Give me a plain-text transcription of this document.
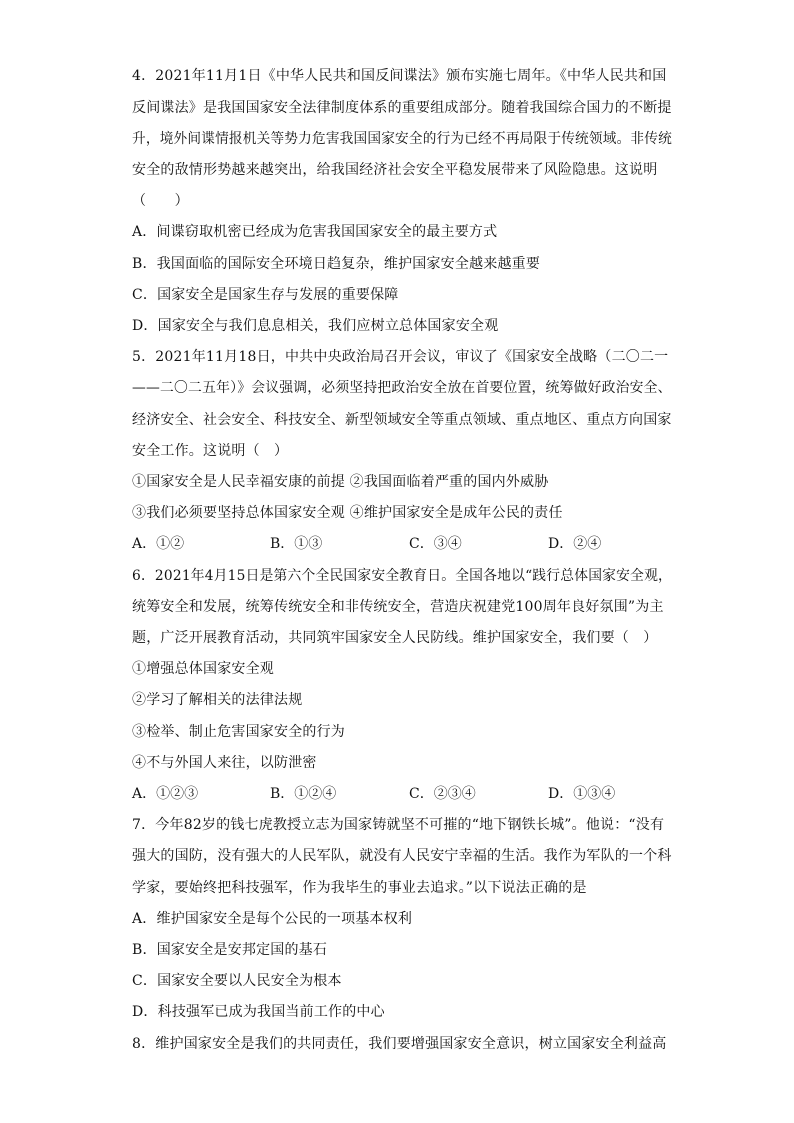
4．2021年11月1日《中华人民共和国反间谍法》颁布实施七周年。《中华人民共和国
反间谍法》是我国国家安全法律制度体系的重要组成部分。随着我国综合国力的不断提
升，境外间谍情报机关等势力危害我国国家安全的行为已经不再局限于传统领域。非传统
安全的敌情形势越来越突出，给我国经济社会安全平稳发展带来了风险隐患。这说明
（　　）
A．间谍窃取机密已经成为危害我国国家安全的最主要方式
B．我国面临的国际安全环境日趋复杂，维护国家安全越来越重要
C．国家安全是国家生存与发展的重要保障
D．国家安全与我们息息相关，我们应树立总体国家安全观
5．2021年11月18日，中共中央政治局召开会议，审议了《国家安全战略（二〇二一
——二〇二五年）》会议强调，必须坚持把政治安全放在首要位置，统筹做好政治安全、
经济安全、社会安全、科技安全、新型领域安全等重点领域、重点地区、重点方向国家
安全工作。这说明（　）
①国家安全是人民幸福安康的前提 ②我国面临着严重的国内外威胁
③我们必须要坚持总体国家安全观 ④维护国家安全是成年公民的责任
A．①②	B．①③	C．③④	D．②④
6．2021年4月15日是第六个全民国家安全教育日。全国各地以“践行总体国家安全观，
统筹安全和发展，统筹传统安全和非传统安全，营造庆祝建党100周年良好氛围”为主
题，广泛开展教育活动，共同筑牢国家安全人民防线。维护国家安全，我们要（　）
①增强总体国家安全观
②学习了解相关的法律法规
③检举、制止危害国家安全的行为
④不与外国人来往，以防泄密
A．①②③	B．①②④	C．②③④	D．①③④
7．今年82岁的钱七虎教授立志为国家铸就坚不可摧的“地下钢铁长城”。他说：“没有
强大的国防，没有强大的人民军队，就没有人民安宁幸福的生活。我作为军队的一个科
学家，要始终把科技强军，作为我毕生的事业去追求。”以下说法正确的是
A．维护国家安全是每个公民的一项基本权利
B．国家安全是安邦定国的基石
C．国家安全要以人民安全为根本
D．科技强军已成为我国当前工作的中心
8．维护国家安全是我们的共同责任，我们要增强国家安全意识，树立国家安全利益高
